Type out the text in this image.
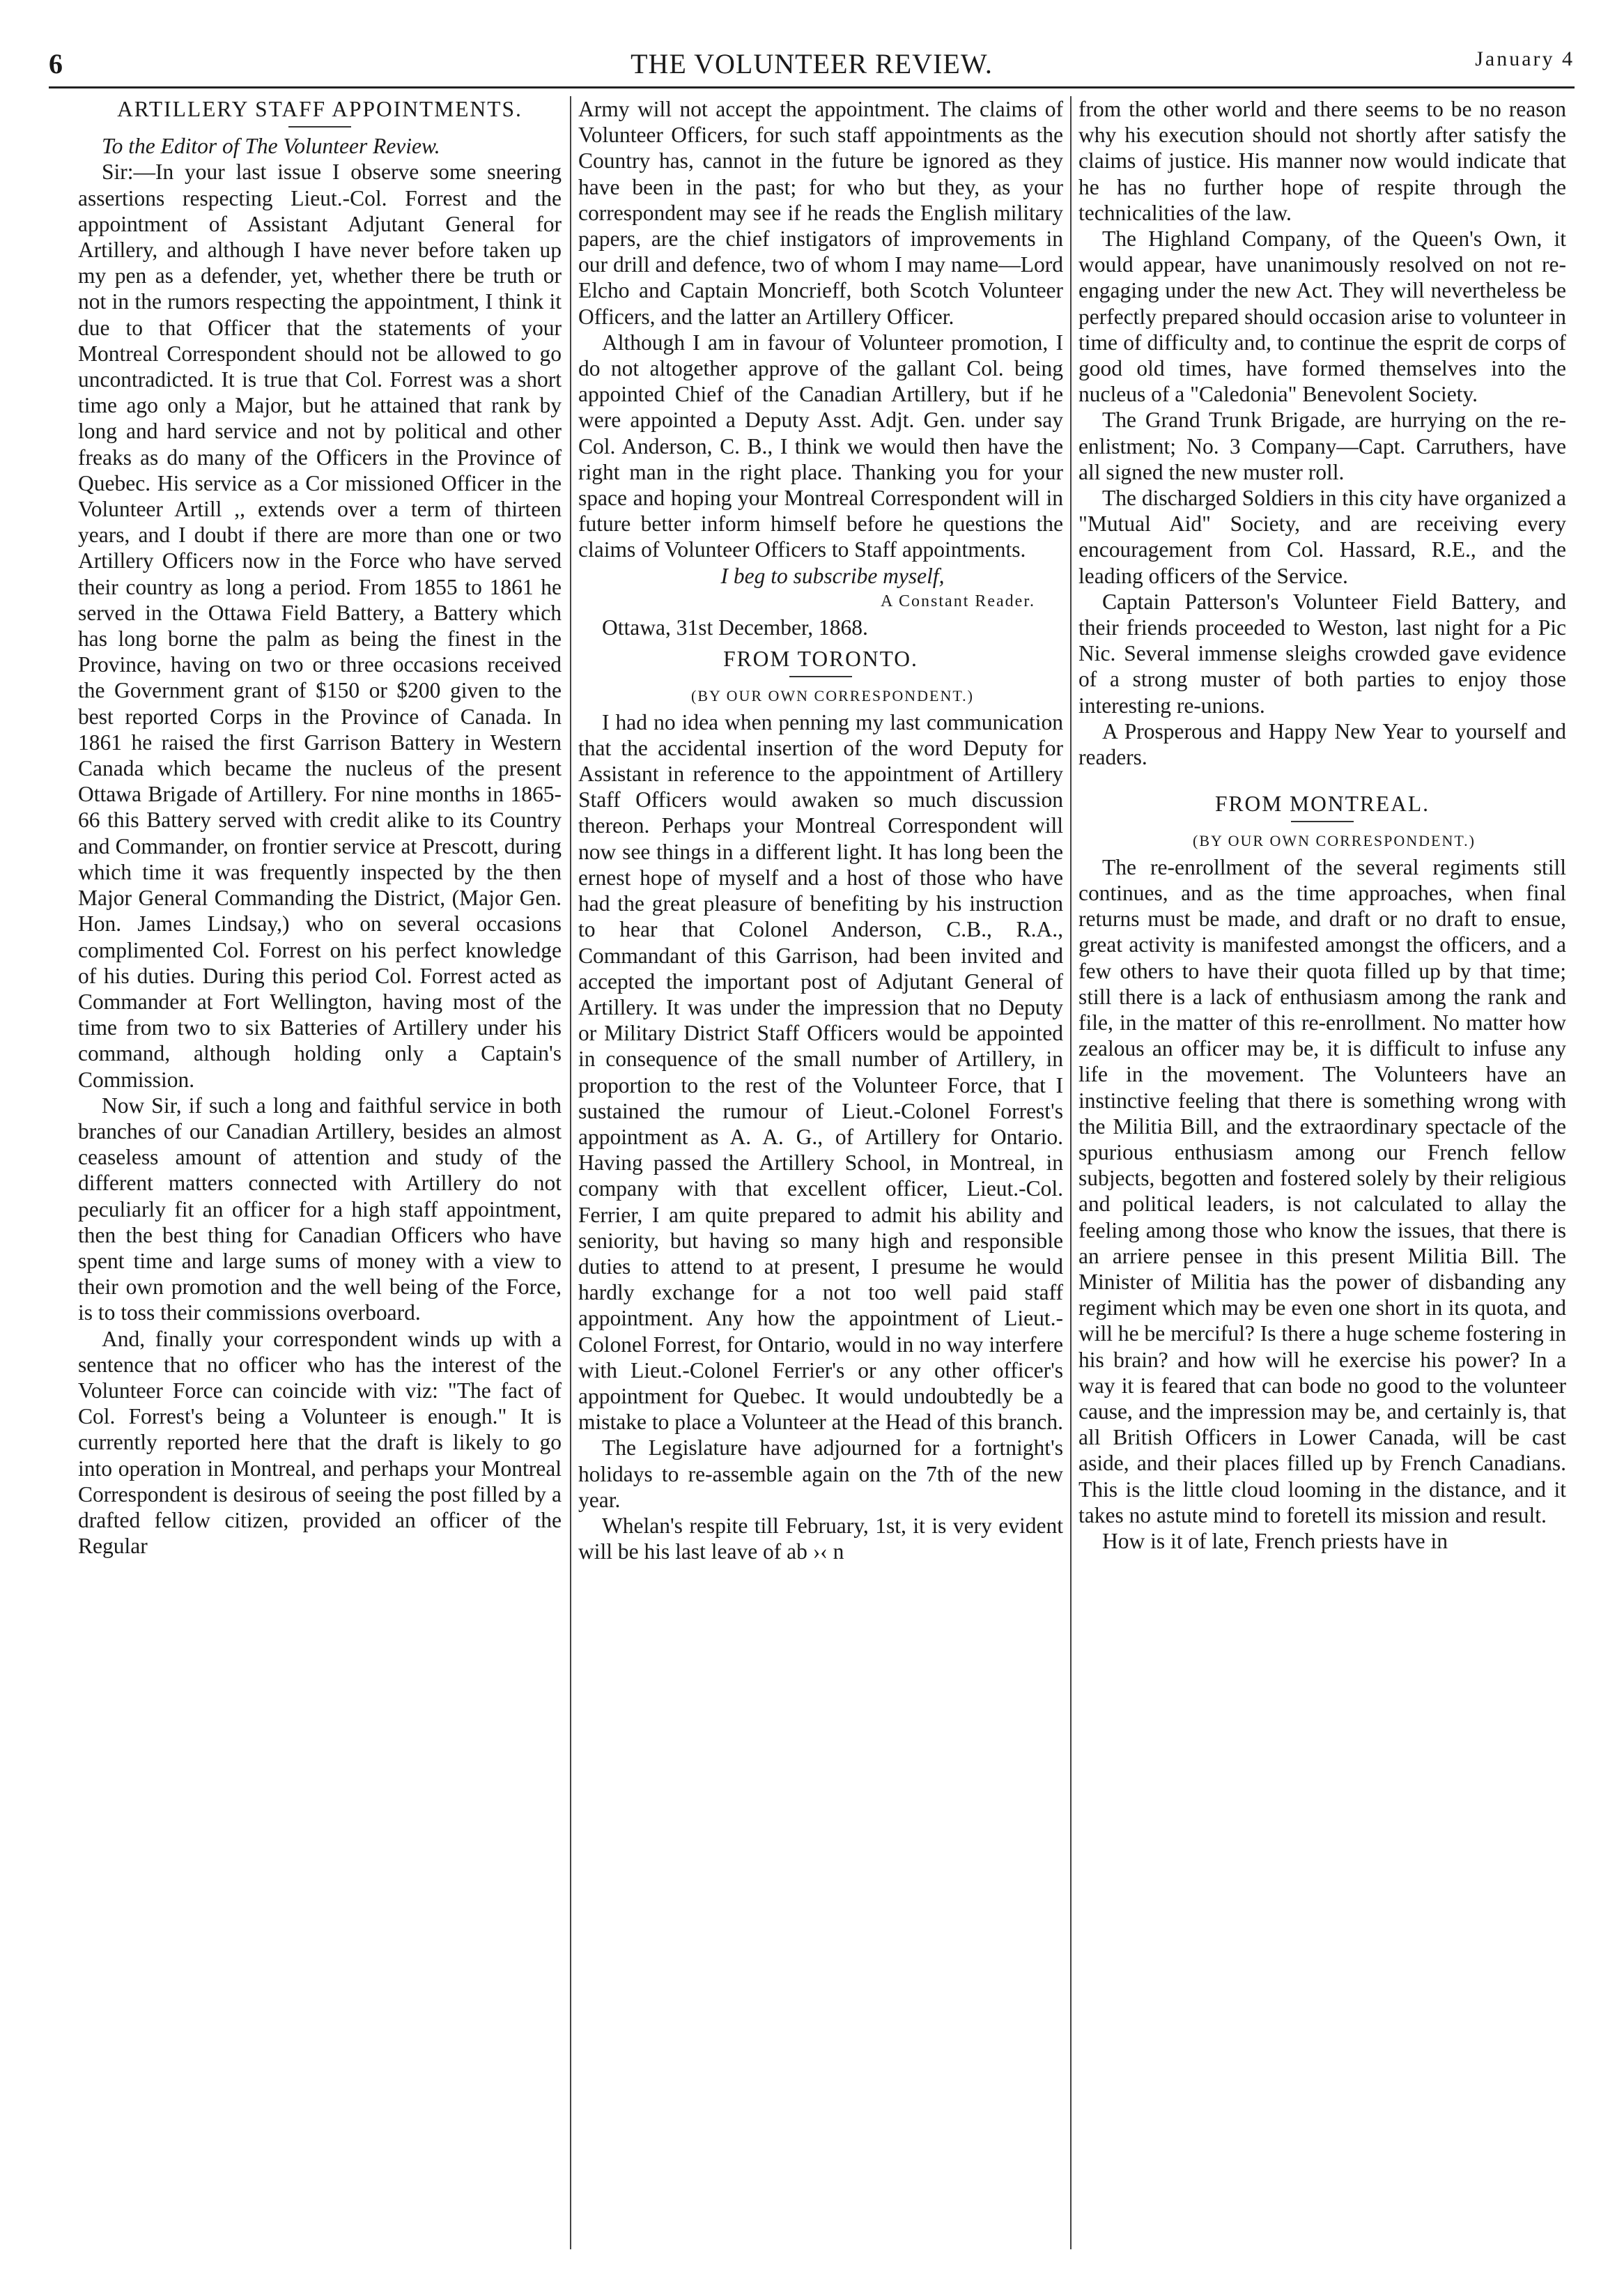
6	THE VOLUNTEER REVIEW.	January 4
ARTILLERY STAFF APPOINTMENTS.

To the Editor of The Volunteer Review.

Sir:—In your last issue I observe some sneering assertions respecting Lieut.-Col. Forrest and the appointment of Assistant Adjutant General for Artillery, and although I have never before taken up my pen as a defender, yet, whether there be truth or not in the rumors respecting the appointment, I think it due to that Officer that the statements of your Montreal Correspondent should not be allowed to go uncontradicted. It is true that Col. Forrest was a short time ago only a Major, but he attained that rank by long and hard service and not by political and other freaks as do many of the Officers in the Province of Quebec. His service as a Cor missioned Officer in the Volunteer Artill ,, extends over a term of thirteen years, and I doubt if there are more than one or two Artillery Officers now in the Force who have served their country as long a period. From 1855 to 1861 he served in the Ottawa Field Battery, a Battery which has long borne the palm as being the finest in the Province, having on two or three occasions received the Government grant of $150 or $200 given to the best reported Corps in the Province of Canada. In 1861 he raised the first Garrison Battery in Western Canada which became the nucleus of the present Ottawa Brigade of Artillery. For nine months in 1865-66 this Battery served with credit alike to its Country and Commander, on frontier service at Prescott, during which time it was frequently inspected by the then Major General Commanding the District, (Major Gen. Hon. James Lindsay,) who on several occasions complimented Col. Forrest on his perfect knowledge of his duties. During this period Col. Forrest acted as Commander at Fort Wellington, having most of the time from two to six Batteries of Artillery under his command, although holding only a Captain's Commission.

Now Sir, if such a long and faithful service in both branches of our Canadian Artillery, besides an almost ceaseless amount of attention and study of the different matters connected with Artillery do not peculiarly fit an officer for a high staff appointment, then the best thing for Canadian Officers who have spent time and large sums of money with a view to their own promotion and the well being of the Force, is to toss their commissions overboard.

And, finally your correspondent winds up with a sentence that no officer who has the interest of the Volunteer Force can coincide with viz: "The fact of Col. Forrest's being a Volunteer is enough." It is currently reported here that the draft is likely to go into operation in Montreal, and perhaps your Montreal Correspondent is desirous of seeing the post filled by a drafted fellow citizen, provided an officer of the Regular

Army will not accept the appointment. The claims of Volunteer Officers, for such staff appointments as the Country has, cannot in the future be ignored as they have been in the past; for who but they, as your correspondent may see if he reads the English military papers, are the chief instigators of improvements in our drill and defence, two of whom I may name—Lord Elcho and Captain Moncrieff, both Scotch Volunteer Officers, and the latter an Artillery Officer.

Although I am in favour of Volunteer promotion, I do not altogether approve of the gallant Col. being appointed Chief of the Canadian Artillery, but if he were appointed a Deputy Asst. Adjt. Gen. under say Col. Anderson, C. B., I think we would then have the right man in the right place. Thanking you for your space and hoping your Montreal Correspondent will in future better inform himself before he questions the claims of Volunteer Officers to Staff appointments.

I beg to subscribe myself,

A Constant Reader.

Ottawa, 31st December, 1868.

FROM TORONTO.

(BY OUR OWN CORRESPONDENT.)

I had no idea when penning my last communication that the accidental insertion of the word Deputy for Assistant in reference to the appointment of Artillery Staff Officers would awaken so much discussion thereon. Perhaps your Montreal Correspondent will now see things in a different light. It has long been the ernest hope of myself and a host of those who have had the great pleasure of benefiting by his instruction to hear that Colonel Anderson, C.B., R.A., Commandant of this Garrison, had been invited and accepted the important post of Adjutant General of Artillery. It was under the impression that no Deputy or Military District Staff Officers would be appointed in consequence of the small number of Artillery, in proportion to the rest of the Volunteer Force, that I sustained the rumour of Lieut.-Colonel Forrest's appointment as A. A. G., of Artillery for Ontario. Having passed the Artillery School, in Montreal, in company with that excellent officer, Lieut.-Col. Ferrier, I am quite prepared to admit his ability and seniority, but having so many high and responsible duties to attend to at present, I presume he would hardly exchange for a not too well paid staff appointment. Any how the appointment of Lieut.-Colonel Forrest, for Ontario, would in no way interfere with Lieut.-Colonel Ferrier's or any other officer's appointment for Quebec. It would undoubtedly be a mistake to place a Volunteer at the Head of this branch.

The Legislature have adjourned for a fortnight's holidays to re-assemble again on the 7th of the new year.

Whelan's respite till February, 1st, it is very evident will be his last leave of ab ›‹ n

from the other world and there seems to be no reason why his execution should not shortly after satisfy the claims of justice. His manner now would indicate that he has no further hope of respite through the technicalities of the law.

The Highland Company, of the Queen's Own, it would appear, have unanimously resolved on not re-engaging under the new Act. They will nevertheless be perfectly prepared should occasion arise to volunteer in time of difficulty and, to continue the esprit de corps of good old times, have formed themselves into the nucleus of a "Caledonia" Benevolent Society.

The Grand Trunk Brigade, are hurrying on the re-enlistment; No. 3 Company—Capt. Carruthers, have all signed the new muster roll.

The discharged Soldiers in this city have organized a "Mutual Aid" Society, and are receiving every encouragement from Col. Hassard, R.E., and the leading officers of the Service.

Captain Patterson's Volunteer Field Battery, and their friends proceeded to Weston, last night for a Pic Nic. Several immense sleighs crowded gave evidence of a strong muster of both parties to enjoy those interesting re-unions.

A Prosperous and Happy New Year to yourself and readers.

FROM MONTREAL.

(BY OUR OWN CORRESPONDENT.)

The re-enrollment of the several regiments still continues, and as the time approaches, when final returns must be made, and draft or no draft to ensue, great activity is manifested amongst the officers, and a few others to have their quota filled up by that time; still there is a lack of enthusiasm among the rank and file, in the matter of this re-enrollment. No matter how zealous an officer may be, it is difficult to infuse any life in the movement. The Volunteers have an instinctive feeling that there is something wrong with the Militia Bill, and the extraordinary spectacle of the spurious enthusiasm among our French fellow subjects, begotten and fostered solely by their religious and political leaders, is not calculated to allay the feeling among those who know the issues, that there is an arriere pensee in this present Militia Bill. The Minister of Militia has the power of disbanding any regiment which may be even one short in its quota, and will he be merciful? Is there a huge scheme fostering in his brain? and how will he exercise his power? In a way it is feared that can bode no good to the volunteer cause, and the impression may be, and certainly is, that all British Officers in Lower Canada, will be cast aside, and their places filled up by French Canadians. This is the little cloud looming in the distance, and it takes no astute mind to foretell its mission and result.

How is it of late, French priests have in
